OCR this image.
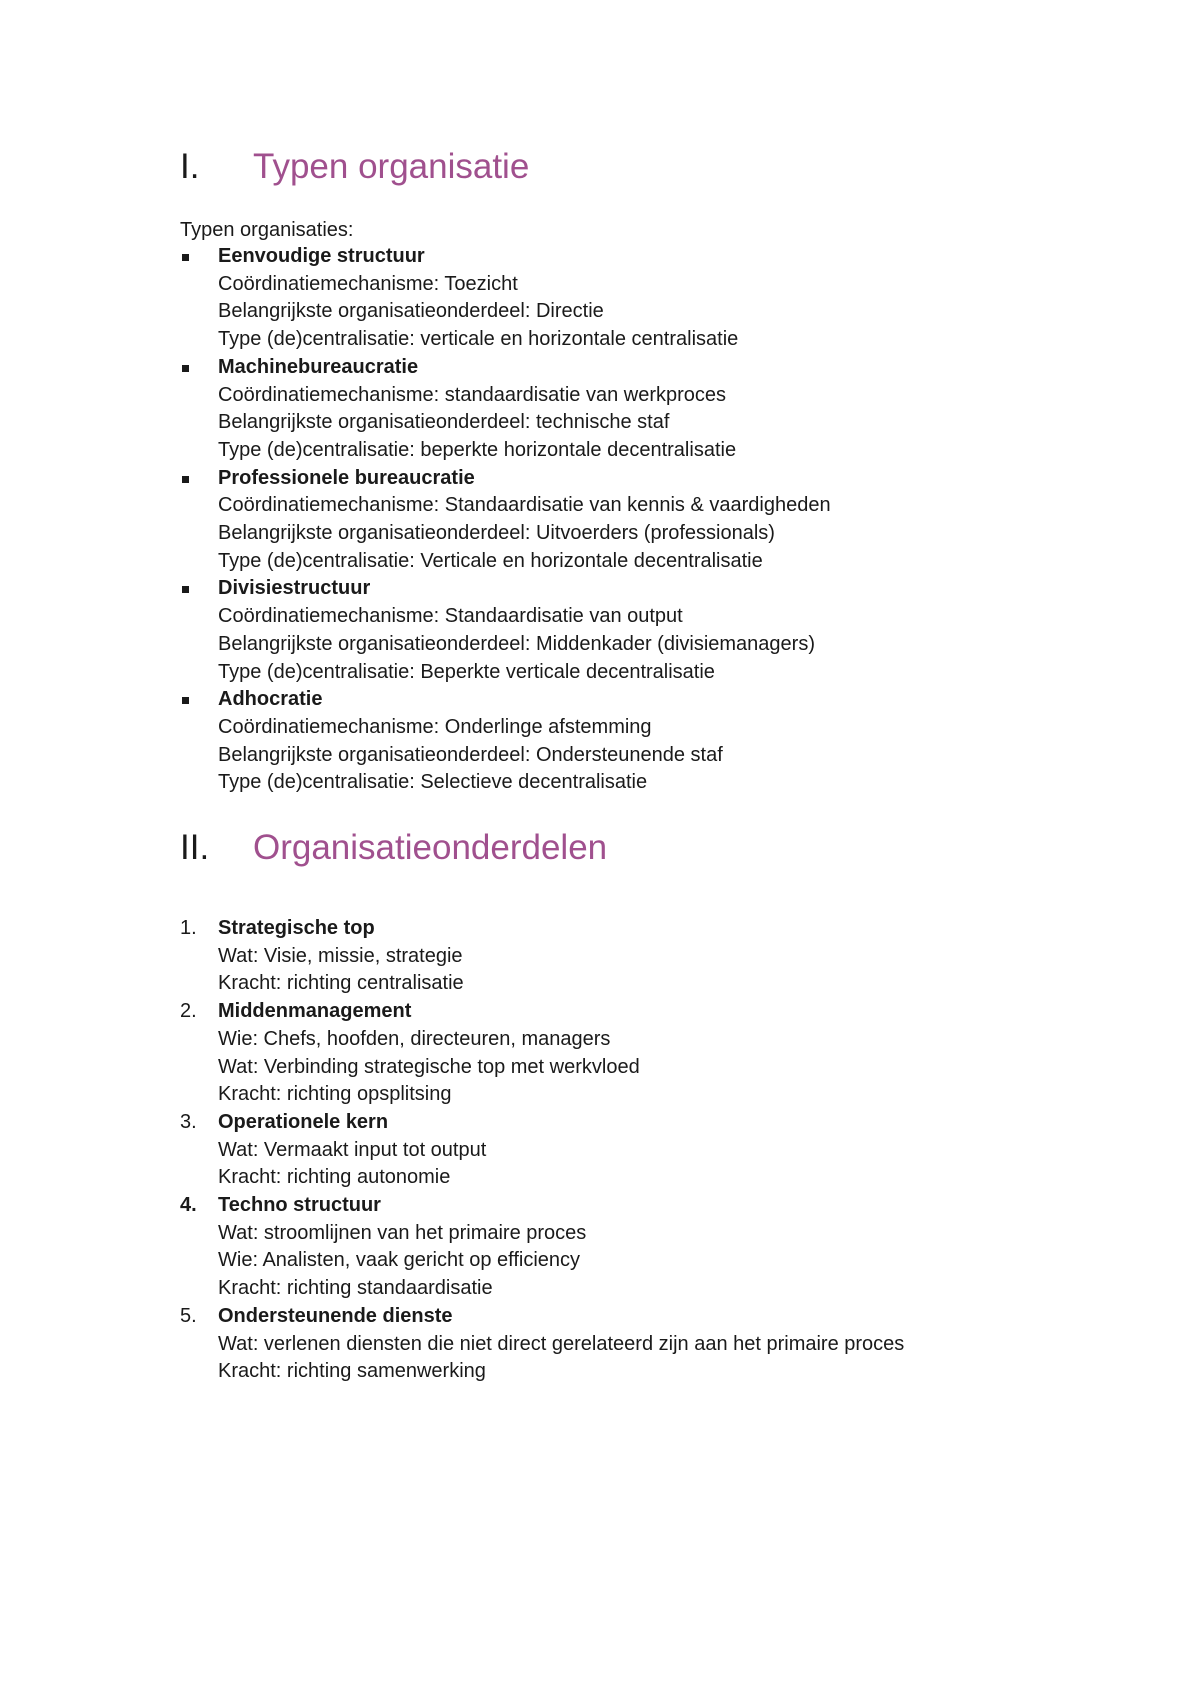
I. Typen organisatie
Typen organisaties:
Eenvoudige structuur
Coördinatiemechanisme: Toezicht
Belangrijkste organisatieonderdeel: Directie
Type (de)centralisatie: verticale en horizontale centralisatie
Machinebureaucratie
Coördinatiemechanisme: standaardisatie van werkproces
Belangrijkste organisatieonderdeel: technische staf
Type (de)centralisatie: beperkte horizontale decentralisatie
Professionele bureaucratie
Coördinatiemechanisme: Standaardisatie van kennis & vaardigheden
Belangrijkste organisatieonderdeel: Uitvoerders (professionals)
Type (de)centralisatie: Verticale en horizontale decentralisatie
Divisiestructuur
Coördinatiemechanisme: Standaardisatie van output
Belangrijkste organisatieonderdeel: Middenkader (divisiemanagers)
Type (de)centralisatie: Beperkte verticale decentralisatie
Adhocratie
Coördinatiemechanisme: Onderlinge afstemming
Belangrijkste organisatieonderdeel: Ondersteunende staf
Type (de)centralisatie: Selectieve decentralisatie
II. Organisatieonderdelen
1.	Strategische top
Wat: Visie, missie, strategie
Kracht: richting centralisatie
2.	Middenmanagement
Wie: Chefs, hoofden, directeuren, managers
Wat: Verbinding strategische top met werkvloed
Kracht: richting opsplitsing
3.	Operationele kern
Wat: Vermaakt input tot output
Kracht: richting autonomie
4.	Techno structuur
Wat: stroomlijnen van het primaire proces
Wie: Analisten, vaak gericht op efficiency
Kracht: richting standaardisatie
5.	Ondersteunende dienste
Wat: verlenen diensten die niet direct gerelateerd zijn aan het primaire proces
Kracht: richting samenwerking
